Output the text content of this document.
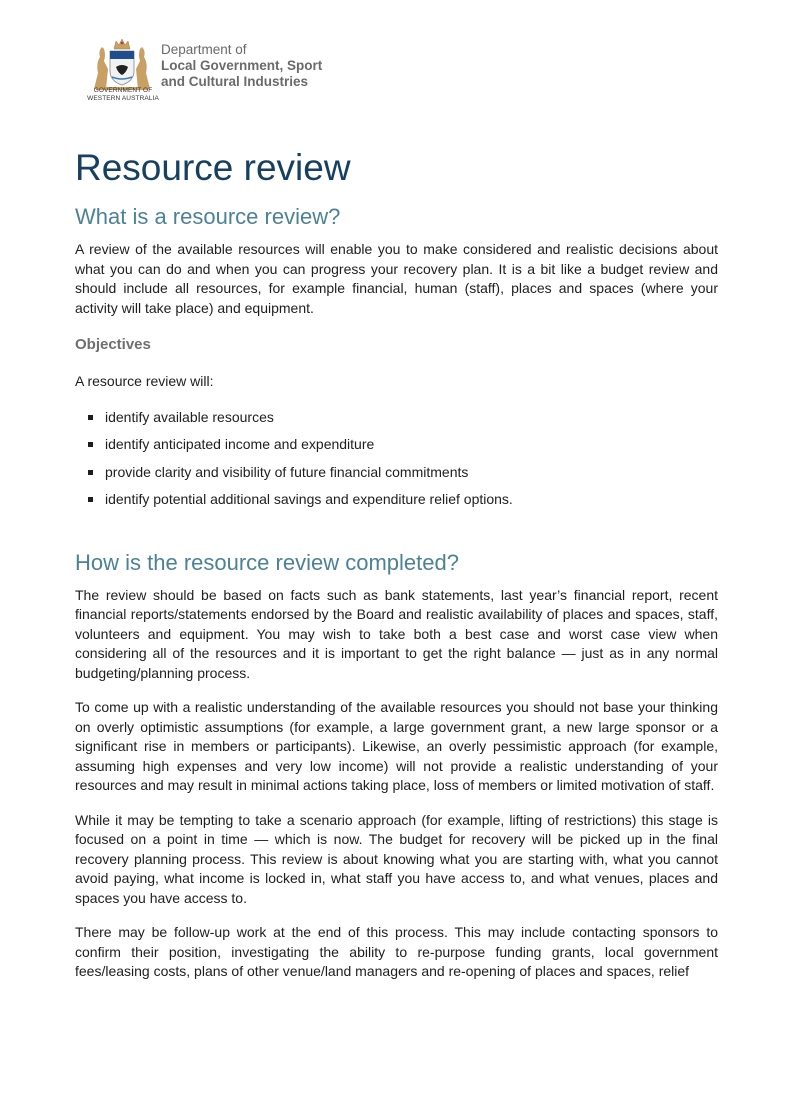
GOVERNMENT OF
WESTERN AUSTRALIA
Department of
Local Government, Sport
and Cultural Industries
Resource review
What is a resource review?

A review of the available resources will enable you to make considered and realistic decisions about what you can do and when you can progress your recovery plan. It is a bit like a budget review and should include all resources, for example financial, human (staff), places and spaces (where your activity will take place) and equipment.

Objectives

A resource review will:

identify available resources
identify anticipated income and expenditure
provide clarity and visibility of future financial commitments
identify potential additional savings and expenditure relief options.
How is the resource review completed?

The review should be based on facts such as bank statements, last year’s financial report, recent financial reports/statements endorsed by the Board and realistic availability of places and spaces, staff, volunteers and equipment. You may wish to take both a best case and worst case view when considering all of the resources and it is important to get the right balance — just as in any normal budgeting/planning process.

To come up with a realistic understanding of the available resources you should not base your thinking on overly optimistic assumptions (for example, a large government grant, a new large sponsor or a significant rise in members or participants). Likewise, an overly pessimistic approach (for example, assuming high expenses and very low income) will not provide a realistic understanding of your resources and may result in minimal actions taking place, loss of members or limited motivation of staff.

While it may be tempting to take a scenario approach (for example, lifting of restrictions) this stage is focused on a point in time — which is now. The budget for recovery will be picked up in the final recovery planning process. This review is about knowing what you are starting with, what you cannot avoid paying, what income is locked in, what staff you have access to, and what venues, places and spaces you have access to.

There may be follow-up work at the end of this process. This may include contacting sponsors to confirm their position, investigating the ability to re-purpose funding grants, local government fees/leasing costs, plans of other venue/land managers and re-opening of places and spaces, relief
